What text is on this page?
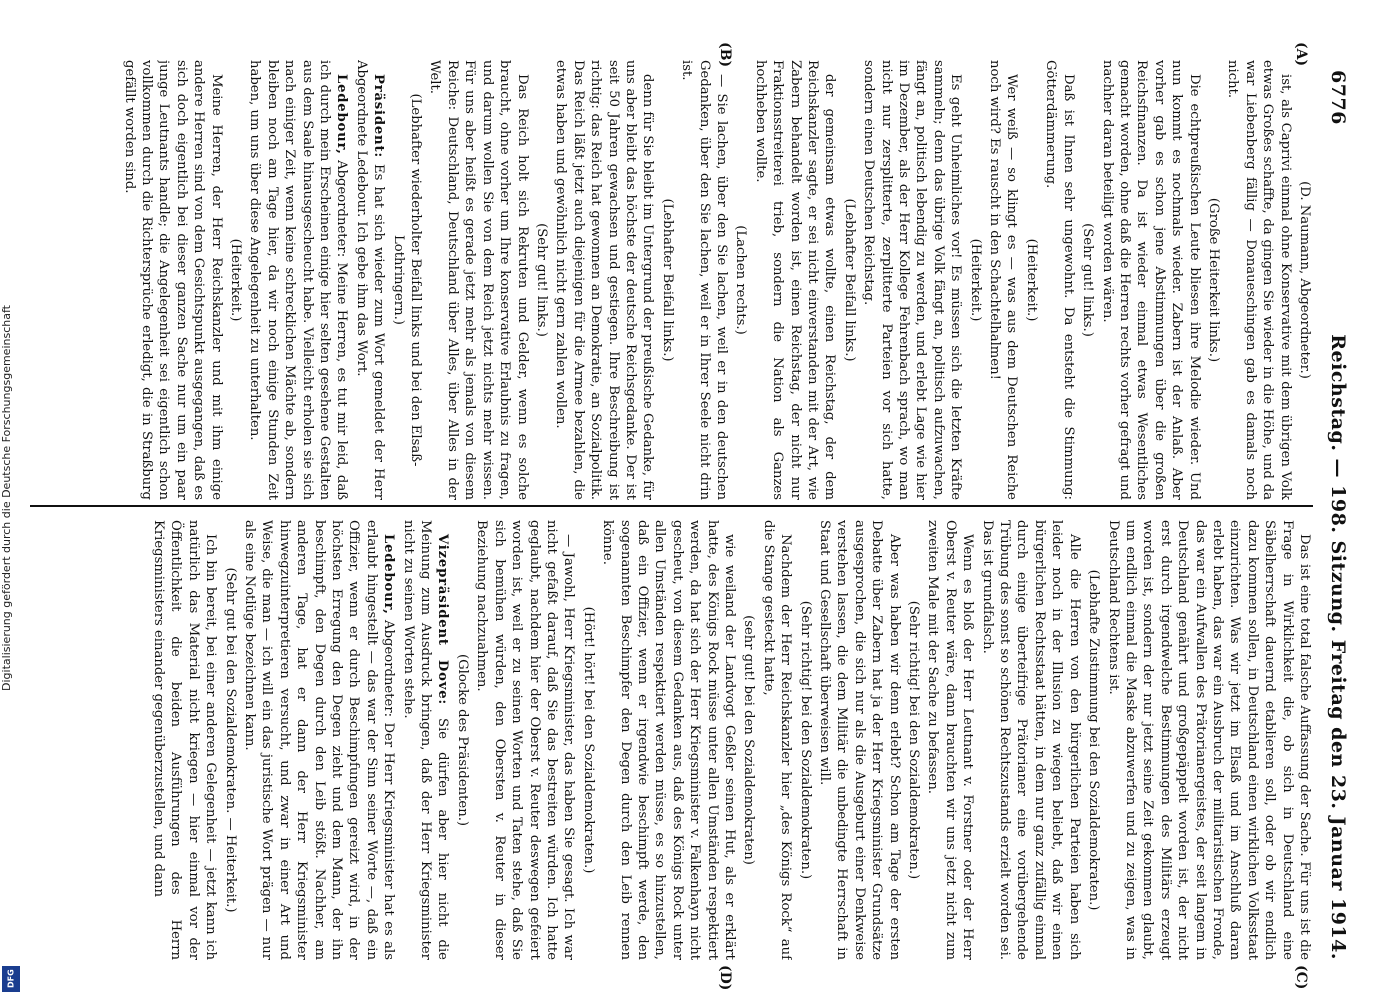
Digitalisierung gefördert durch die Deutsche Forschungsgemeinschaft
DFG
6776
Reichstag. — 198. Sitzung. Freitag den 23. Januar 1914.
(A)
(B)
(C)
(D)

(D. Naumann, Abgeordneter.)

ist, als Caprivi einmal ohne Konservative mit dem übrigen Volk etwas Großes schaffte, da gingen Sie wieder in die Höhe, und da war Liebenberg fällig — Donaueschingen gab es damals noch nicht.

(Große Heiterkeit links.)

Die echtpreußischen Leute bliesen ihre Melodie wieder. Und nun kommt es nochmals wieder. Zabern ist der Anlaß. Aber vorher gab es schon jene Abstimmungen über die großen Reichsfinanzen. Da ist wieder einmal etwas Wesentliches gemacht worden, ohne daß die Herren rechts vorher gefragt und nachher daran beteiligt worden wären.

(Sehr gut! links.)

Daß ist Ihnen sehr ungewohnt. Da entsteht die Stimmung: Götterdämmerung.

(Heiterkeit.)

Wer weiß — so klingt es — was aus dem Deutschen Reiche noch wird? Es rauscht in den Schachtelhalmen!

(Heiterkeit.)

Es geht Unheimliches vor! Es müssen sich die letzten Kräfte sammeln; denn das übrige Volk fängt an, politisch aufzuwachen, fängt an, politisch lebendig zu werden, und erlebt Lage wie hier im Dezember, als der Herr Kollege Fehrenbach sprach, wo man nicht nur zersplitterte, zerplitterte Parteien vor sich hatte, sondern einen Deutschen Reichstag.

(Lebhafter Beifall links.)

der gemeinsam etwas wollte, einen Reichstag, der dem Reichskanzler sagte, er sei nicht einverstanden mit der Art, wie Zabern behandelt worden ist, einen Reichstag, der nicht nur Fraktionsstreiterei trieb, sondern die Nation als Ganzes hochheben wollte.

(Lachen rechts.)

— Sie lachen, über den Sie lachen, weil er in den deutschen Gedanken, über den Sie lachen, weil er in Ihrer Seele nicht drin ist.

(Lebhafter Beifall links.)

denn für Sie bleibt im Untergrund der preußische Gedanke, für uns aber bleibt das höchste der deutsche Reichsgedanke. Der ist seit 50 Jahren gewachsen und gestiegen. Ihre Beschreibung ist richtig: das Reich hat gewonnen an Demokratie, an Sozialpolitik. Das Reich läßt jetzt auch diejenigen für die Armee bezahlen, die etwas haben und gewöhnlich nicht gern zahlen wollen.

(Sehr gut! links.)

Das Reich holt sich Rekruten und Gelder, wenn es solche braucht, ohne vorher um Ihre konservative Erlaubnis zu fragen, und darum wollen Sie von dem Reich jetzt nichts mehr wissen. Für uns aber heißt es gerade jetzt mehr als jemals von diesem Reiche: Deutschland, Deutschland über Alles, über Alles in der Welt.

(Lebhafter wiederholter Beifall links und bei den Elsaß-Lothringern.)

Präsident: Es hat sich wieder zum Wort gemeldet der Herr Abgeordnete Ledebour. Ich gebe ihm das Wort.

Ledebour, Abgeordneter: Meine Herren, es tut mir leid, daß ich durch mein Erscheinen einige hier selten gesehene Gestalten aus dem Saale hinausgescheucht habe. Vielleicht erholen sie sich nach einiger Zeit, wenn keine schrecklichen Mächte ab, sondern bleiben noch am Tage hier, da wir noch einige Stunden Zeit haben, um uns über diese Angelegenheit zu unterhalten.

(Heiterkeit.)

Meine Herren, der Herr Reichskanzler und mit ihm einige andere Herren sind von dem Gesichtspunkt ausgegangen, daß es sich doch eigentlich bei dieser ganzen Sache nur um ein paar junge Leutnants handle; die Angelegenheit sei eigentlich schon vollkommen durch die Richtersprüche erledigt, die in Straßburg gefällt worden sind.

Das ist eine total falsche Auffassung der Sache. Für uns ist die Frage in Wirklichkeit die, ob sich in Deutschland eine Säbelherrschaft dauernd etablieren soll, oder ob wir endlich dazu kommen sollen, in Deutschland einen wirklichen Volksstaat einzurichten. Was wir jetzt im Elsaß und im Anschluß daran erlebt haben, das war ein Ausbruch der militaristischen Fronde, das war ein Aufwallen des Prätorianergeistes, der seit langem in Deutschland genährt und großgepäppelt worden ist, der nicht erst durch irgendwelche Bestimmungen des Militärs erzeugt worden ist, sondern der nur jetzt seine Zeit gekommen glaubt, um endlich einmal die Maske abzuwerfen und zu zeigen, was in Deutschland Rechtens ist.

(Lebhafte Zustimmung bei den Sozialdemokraten.)

Alle die Herren von den bürgerlichen Parteien haben sich leider noch in der Illusion zu wiegen beliebt, daß wir einen bürgerlichen Rechtsstaat hätten, in dem nur ganz zufällig einmal durch einige überteifrige Prätorianer eine vorübergehende Trübung des sonst so schönen Rechtszustands erzielt worden sei. Das ist grundfalsch.

Wenn es bloß der Herr Leutnant v. Forstner oder der Herr Oberst v. Reuter wäre, dann brauchten wir uns jetzt nicht zum zweiten Male mit der Sache zu befassen.

(Sehr richtig! bei den Sozialdemokraten.)

Aber was haben wir denn erlebt? Schon am Tage der ersten Debatte über Zabern hat ja der Herr Kriegsminister Grundsätze ausgesprochen, die sich nur als die Ausgeburt einer Denkweise verstehen lassen, die dem Militär die unbedingte Herrschaft in Staat und Gesellschaft überweisen will.

(Sehr richtig! bei den Sozialdemokraten.)

Nachdem der Herr Reichskanzler hier „des Königs Rock“ auf die Stange gesteckt hatte,

(sehr gut! bei den Sozialdemokraten)

wie weiland der Landvogt Geßler seinen Hut, als er erklärt hatte, des Königs Rock müsse unter allen Umständen respektiert werden, da hat sich der Herr Kriegsminister v. Falkenhayn nicht gescheut, von diesem Gedanken aus, daß des Königs Rock unter allen Umständen respektiert werden müsse, es so hinzustellen, daß ein Offizier, wenn er irgendwie beschimpft werde, den sogenannten Beschimpfer den Degen durch den Leib rennen könne.

(Hört! hört! bei den Sozialdemokraten.)

— Jawohl, Herr Kriegsminister, das haben Sie gesagt. Ich war nicht gefaßt darauf, daß Sie das bestreiten würden. Ich hatte geglaubt, nachdem hier der Oberst v. Reuter deswegen gefeiert worden ist, weil er zu seinen Worten und Taten stehe, daß Sie sich bemühen würden, den Obersten v. Reuter in dieser Beziehung nachzuahmen.

(Glocke des Präsidenten.)

Vizepräsident Dove: Sie dürfen aber hier nicht die Meinung zum Ausdruck bringen, daß der Herr Kriegsminister nicht zu seinen Worten stehe.

Ledebour, Abgeordneter: Der Herr Kriegsminister hat es als erlaubt hingestellt — das war der Sinn seiner Worte —, daß ein Offizier, wenn er durch Beschimpfungen gereizt wird, in der höchsten Erregung den Degen zieht und dem Mann, der ihn beschimpft, den Degen durch den Leib stößt. Nachher, am anderen Tage, hat er dann der Herr Kriegsminister hinwegzuinterpretieren versucht, und zwar in einer Art und Weise, die man — ich will ein das juristische Wort prägen — nur als eine Notlüge bezeichnen kann.

(Sehr gut bei den Sozialdemokraten. — Heiterkeit.)

Ich bin bereit, bei einer anderen Gelegenheit — jetzt kann ich natürlich das Material nicht kriegen — hier einmal vor der Öffentlichkeit die beiden Ausführungen des Herrn Kriegsministers einander gegenüberzustellen, und dann
